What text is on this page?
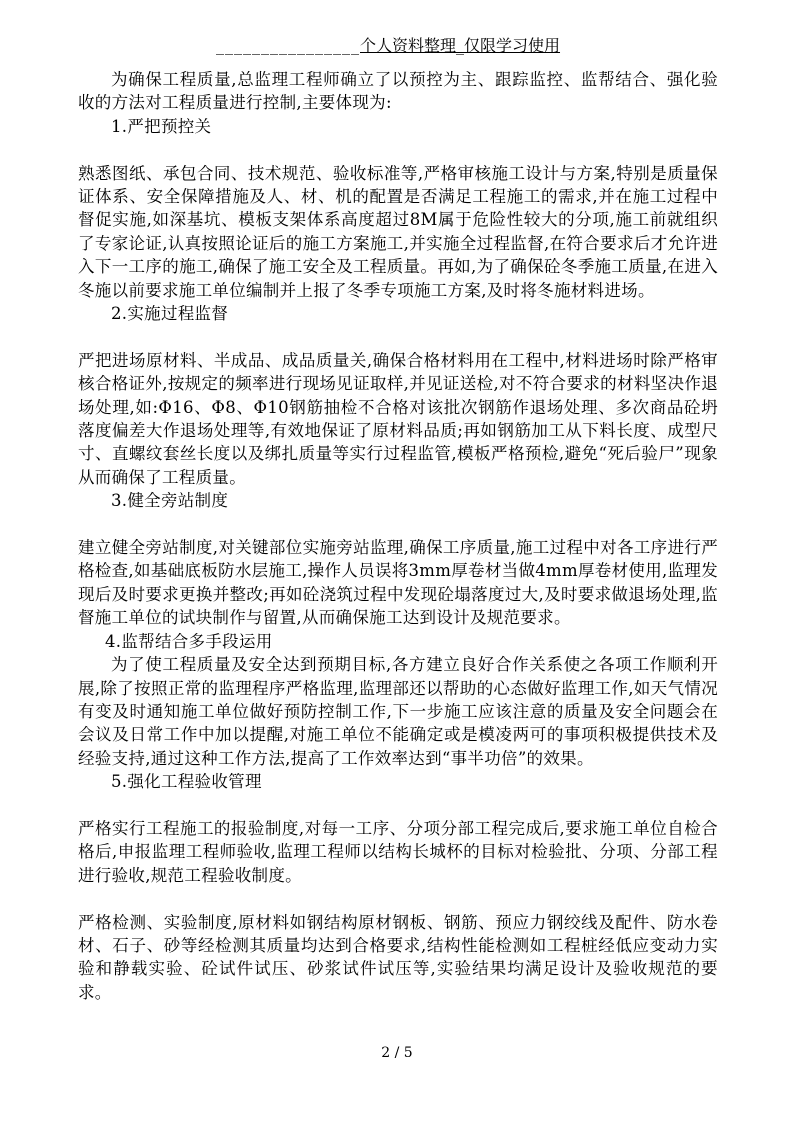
________________个人资料整理_仅限学习使用

为确保工程质量,总监理工程师确立了以预控为主、跟踪监控、监帮结合、强化验收的方法对工程质量进行控制,主要体现为:

1.严把预控关

熟悉图纸、承包合同、技术规范、验收标准等,严格审核施工设计与方案,特别是质量保证体系、安全保障措施及人、材、机的配置是否满足工程施工的需求,并在施工过程中督促实施,如深基坑、模板支架体系高度超过8M属于危险性较大的分项,施工前就组织了专家论证,认真按照论证后的施工方案施工,并实施全过程监督,在符合要求后才允许进入下一工序的施工,确保了施工安全及工程质量。再如,为了确保砼冬季施工质量,在进入冬施以前要求施工单位编制并上报了冬季专项施工方案,及时将冬施材料进场。

2.实施过程监督

严把进场原材料、半成品、成品质量关,确保合格材料用在工程中,材料进场时除严格审核合格证外,按规定的频率进行现场见证取样,并见证送检,对不符合要求的材料坚决作退场处理,如:Φ16、Φ8、Φ10钢筋抽检不合格对该批次钢筋作退场处理、多次商品砼坍落度偏差大作退场处理等,有效地保证了原材料品质;再如钢筋加工从下料长度、成型尺寸、直螺纹套丝长度以及绑扎质量等实行过程监管,模板严格预检,避免“死后验尸”现象从而确保了工程质量。

3.健全旁站制度

建立健全旁站制度,对关键部位实施旁站监理,确保工序质量,施工过程中对各工序进行严格检查,如基础底板防水层施工,操作人员误将3mm厚卷材当做4mm厚卷材使用,监理发现后及时要求更换并整改;再如砼浇筑过程中发现砼塌落度过大,及时要求做退场处理,监督施工单位的试块制作与留置,从而确保施工达到设计及规范要求。

4.监帮结合多手段运用

为了使工程质量及安全达到预期目标,各方建立良好合作关系使之各项工作顺利开展,除了按照正常的监理程序严格监理,监理部还以帮助的心态做好监理工作,如天气情况有变及时通知施工单位做好预防控制工作,下一步施工应该注意的质量及安全问题会在会议及日常工作中加以提醒,对施工单位不能确定或是模凌两可的事项积极提供技术及经验支持,通过这种工作方法,提高了工作效率达到“事半功倍”的效果。

5.强化工程验收管理

严格实行工程施工的报验制度,对每一工序、分项分部工程完成后,要求施工单位自检合格后,申报监理工程师验收,监理工程师以结构长城杯的目标对检验批、分项、分部工程进行验收,规范工程验收制度。

严格检测、实验制度,原材料如钢结构原材钢板、钢筋、预应力钢绞线及配件、防水卷材、石子、砂等经检测其质量均达到合格要求,结构性能检测如工程桩经低应变动力实验和静载实验、砼试件试压、砂浆试件试压等,实验结果均满足设计及验收规范的要求。

2 / 5
